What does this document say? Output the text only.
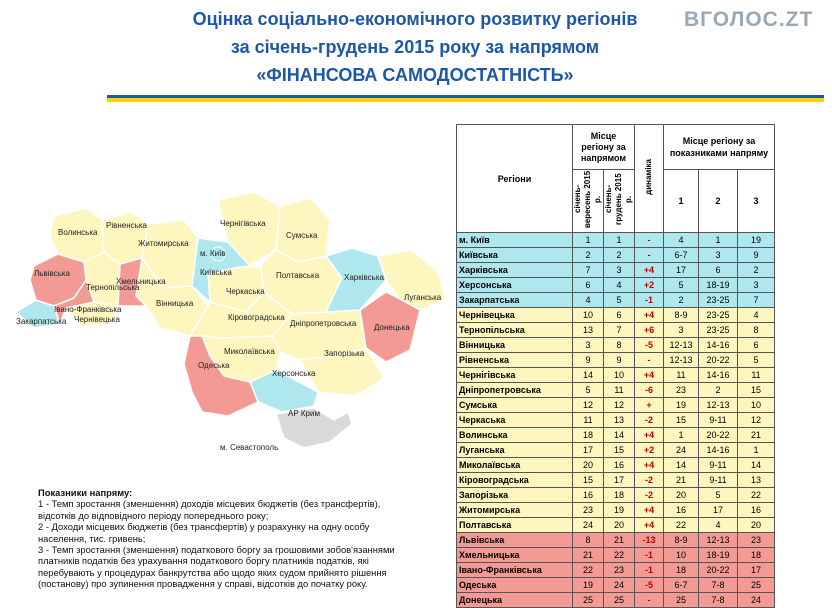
Оцінка соціально-економічного розвитку регіонів
за січень-грудень 2015 року за напрямом
«ФІНАНСОВА САМОДОСТАТНІСТЬ»
ВГОЛОС.ZT
Волинська
Рівненська
Житомирська
Львівська
Тернопільська
Хмельницька
Івано-Франківська
Закарпатська Чернівецька
Вінницька
м. Київ
Київська
Чернігівська
Сумська
Полтавська	Харківська
Луганська
Черкаська
Кіровоградська
Дніпропетровська Донецька
Миколаївська	Запорізька
Одеська
Херсонська
АР Крим
м. Севастополь
Показники напряму:
1 - Темп зростання (зменшення) доходів місцевих бюджетів (без трансфертів), відсотків до відповідного періоду попереднього року;
2 - Доходи місцевих бюджетів (без трансфертів) у розрахунку на одну особу населення, тис. гривень;
3 - Темп зростання (зменшення) податкового боргу за грошовими зобов'язаннями платників податків без урахування податкового боргу платників податків, які перебувають у процедурах банкрутства або щодо яких судом прийнято рішення (постанову) про зупинення провадження у справі, відсотків до початку року.
Регіони	Місце регіону за напрямом		динаміка	Місце регіону за показниками напряму		
	січень-вересень 2015 р.	січень-грудень 2015 р.		1	2	3
м. Київ	1	1	-	4	1	19
Київська	2	2	-	6-7	3	9
Харківська	7	3	+4	17	6	2
Херсонська	6	4	+2	5	18-19	3
Закарпатська	4	5	-1	2	23-25	7
Чернівецька	10	6	+4	8-9	23-25	4
Тернопільська	13	7	+6	3	23-25	8
Вінницька	3	8	-5	12-13	14-16	6
Рівненська	9	9	-	12-13	20-22	5
Чернігівська	14	10	+4	11	14-16	11
Дніпропетровська	5	11	-6	23	2	15
Сумська	12	12	+	19	12-13	10
Черкаська	11	13	-2	15	9-11	12
Волинська	18	14	+4	1	20-22	21
Луганська	17	15	+2	24	14-16	1
Миколаївська	20	16	+4	14	9-11	14
Кіровоградська	15	17	-2	21	9-11	13
Запорізька	16	18	-2	20	5	22
Житомирська	23	19	+4	16	17	16
Полтавська	24	20	+4	22	4	20
Львівська	8	21	-13	8-9	12-13	23
Хмельницька	21	22	-1	10	18-19	18
Івано-Франківська	22	23	-1	18	20-22	17
Одеська	19	24	-5	6-7	7-8	25
Донецька	25	25	-	25	7-8	24
